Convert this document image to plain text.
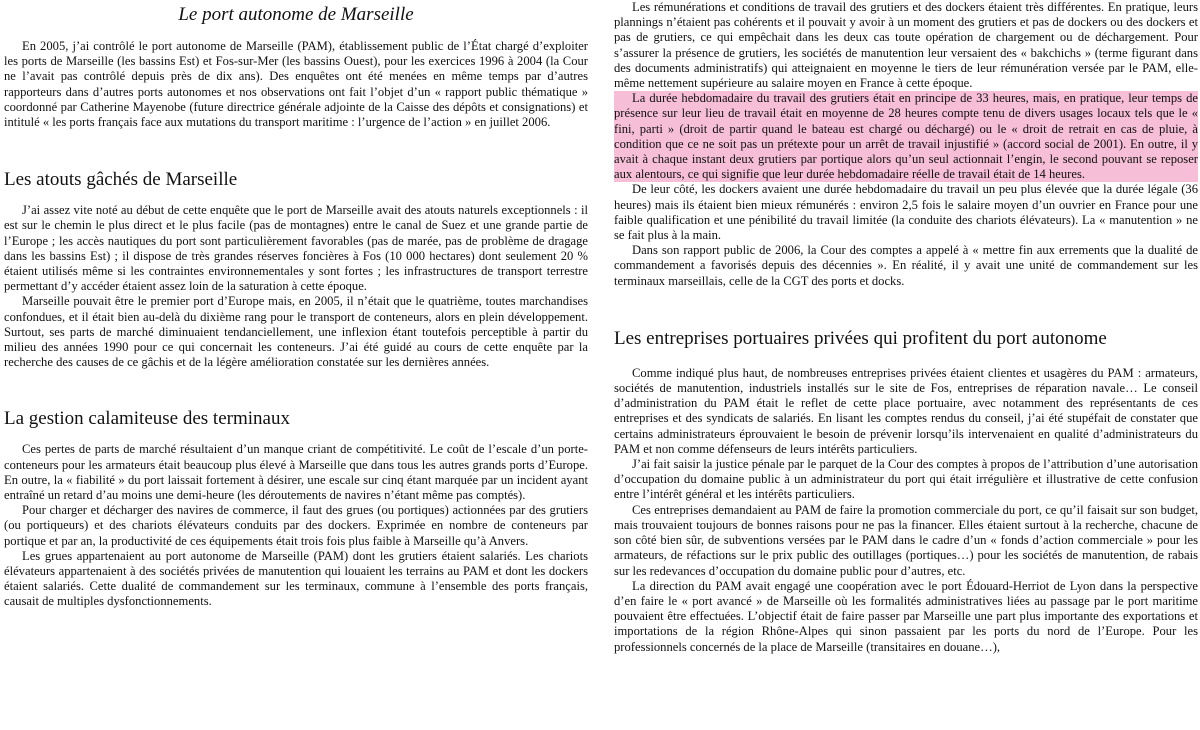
Le port autonome de Marseille

En 2005, j’ai contrôlé le port autonome de Marseille (PAM), établissement public de l’État chargé d’exploiter les ports de Marseille (les bassins Est) et Fos-sur-Mer (les bassins Ouest), pour les exercices 1996 à 2004 (la Cour ne l’avait pas contrôlé depuis près de dix ans). Des enquêtes ont été menées en même temps par d’autres rapporteurs dans d’autres ports autonomes et nos observations ont fait l’objet d’un « rapport public thématique » coordonné par Catherine Mayenobe (future directrice générale adjointe de la Caisse des dépôts et consignations) et intitulé « les ports français face aux mutations du transport maritime : l’urgence de l’action » en juillet 2006.

Les atouts gâchés de Marseille

J’ai assez vite noté au début de cette enquête que le port de Marseille avait des atouts naturels exceptionnels : il est sur le chemin le plus direct et le plus facile (pas de montagnes) entre le canal de Suez et une grande partie de l’Europe ; les accès nautiques du port sont particulièrement favorables (pas de marée, pas de problème de dragage dans les bassins Est) ; il dispose de très grandes réserves foncières à Fos (10 000 hectares) dont seulement 20 % étaient utilisés même si les contraintes environnementales y sont fortes ; les infrastructures de transport terrestre permettant d’y accéder étaient assez loin de la saturation à cette époque.

Marseille pouvait être le premier port d’Europe mais, en 2005, il n’était que le quatrième, toutes marchandises confondues, et il était bien au-delà du dixième rang pour le transport de conteneurs, alors en plein développement. Surtout, ses parts de marché diminuaient tendanciellement, une inflexion étant toutefois perceptible à partir du milieu des années 1990 pour ce qui concernait les conteneurs. J’ai été guidé au cours de cette enquête par la recherche des causes de ce gâchis et de la légère amélioration constatée sur les dernières années.

La gestion calamiteuse des terminaux

Ces pertes de parts de marché résultaient d’un manque criant de compétitivité. Le coût de l’escale d’un porte-conteneurs pour les armateurs était beaucoup plus élevé à Marseille que dans tous les autres grands ports d’Europe. En outre, la « fiabilité » du port laissait fortement à désirer, une escale sur cinq étant marquée par un incident ayant entraîné un retard d’au moins une demi-heure (les déroutements de navires n’étant même pas comptés).

Pour charger et décharger des navires de commerce, il faut des grues (ou portiques) actionnées par des grutiers (ou portiqueurs) et des chariots élévateurs conduits par des dockers. Exprimée en nombre de conteneurs par portique et par an, la productivité de ces équipements était trois fois plus faible à Marseille qu’à Anvers.

Les grues appartenaient au port autonome de Marseille (PAM) dont les grutiers étaient salariés. Les chariots élévateurs appartenaient à des sociétés privées de manutention qui louaient les terrains au PAM et dont les dockers étaient salariés. Cette dualité de commandement sur les terminaux, commune à l’ensemble des ports français, causait de multiples dysfonctionnements.

Les rémunérations et conditions de travail des grutiers et des dockers étaient très différentes. En pratique, leurs plannings n’étaient pas cohérents et il pouvait y avoir à un moment des grutiers et pas de dockers ou des dockers et pas de grutiers, ce qui empêchait dans les deux cas toute opération de chargement ou de déchargement. Pour s’assurer la présence de grutiers, les sociétés de manutention leur versaient des « bakchichs » (terme figurant dans des documents administratifs) qui atteignaient en moyenne le tiers de leur rémunération versée par le PAM, elle-même nettement supérieure au salaire moyen en France à cette époque.

La durée hebdomadaire du travail des grutiers était en principe de 33 heures, mais, en pratique, leur temps de présence sur leur lieu de travail était en moyenne de 28 heures compte tenu de divers usages locaux tels que le « fini, parti » (droit de partir quand le bateau est chargé ou déchargé) ou le « droit de retrait en cas de pluie, à condition que ce ne soit pas un prétexte pour un arrêt de travail injustifié » (accord social de 2001). En outre, il y avait à chaque instant deux grutiers par portique alors qu’un seul actionnait l’engin, le second pouvant se reposer aux alentours, ce qui signifie que leur durée hebdomadaire réelle de travail était de 14 heures.

De leur côté, les dockers avaient une durée hebdomadaire du travail un peu plus élevée que la durée légale (36 heures) mais ils étaient bien mieux rémunérés : environ 2,5 fois le salaire moyen d’un ouvrier en France pour une faible qualification et une pénibilité du travail limitée (la conduite des chariots élévateurs). La « manutention » ne se fait plus à la main.

Dans son rapport public de 2006, la Cour des comptes a appelé à « mettre fin aux errements que la dualité de commandement a favorisés depuis des décennies ». En réalité, il y avait une unité de commandement sur les terminaux marseillais, celle de la CGT des ports et docks.

Les entreprises portuaires privées qui profitent du port autonome

Comme indiqué plus haut, de nombreuses entreprises privées étaient clientes et usagères du PAM : armateurs, sociétés de manutention, industriels installés sur le site de Fos, entreprises de réparation navale… Le conseil d’administration du PAM était le reflet de cette place portuaire, avec notamment des représentants de ces entreprises et des syndicats de salariés. En lisant les comptes rendus du conseil, j’ai été stupéfait de constater que certains administrateurs éprouvaient le besoin de prévenir lorsqu’ils intervenaient en qualité d’administrateurs du PAM et non comme défenseurs de leurs intérêts particuliers.

J’ai fait saisir la justice pénale par le parquet de la Cour des comptes à propos de l’attribution d’une autorisation d’occupation du domaine public à un administrateur du port qui était irrégulière et illustrative de cette confusion entre l’intérêt général et les intérêts particuliers.

Ces entreprises demandaient au PAM de faire la promotion commerciale du port, ce qu’il faisait sur son budget, mais trouvaient toujours de bonnes raisons pour ne pas la financer. Elles étaient surtout à la recherche, chacune de son côté bien sûr, de subventions versées par le PAM dans le cadre d’un « fonds d’action commerciale » pour les armateurs, de réfactions sur le prix public des outillages (portiques…) pour les sociétés de manutention, de rabais sur les redevances d’occupation du domaine public pour d’autres, etc.

La direction du PAM avait engagé une coopération avec le port Édouard-Herriot de Lyon dans la perspective d’en faire le « port avancé » de Marseille où les formalités administratives liées au passage par le port maritime pouvaient être effectuées. L’objectif était de faire passer par Marseille une part plus importante des exportations et importations de la région Rhône-Alpes qui sinon passaient par les ports du nord de l’Europe. Pour les professionnels concernés de la place de Marseille (transitaires en douane…),
